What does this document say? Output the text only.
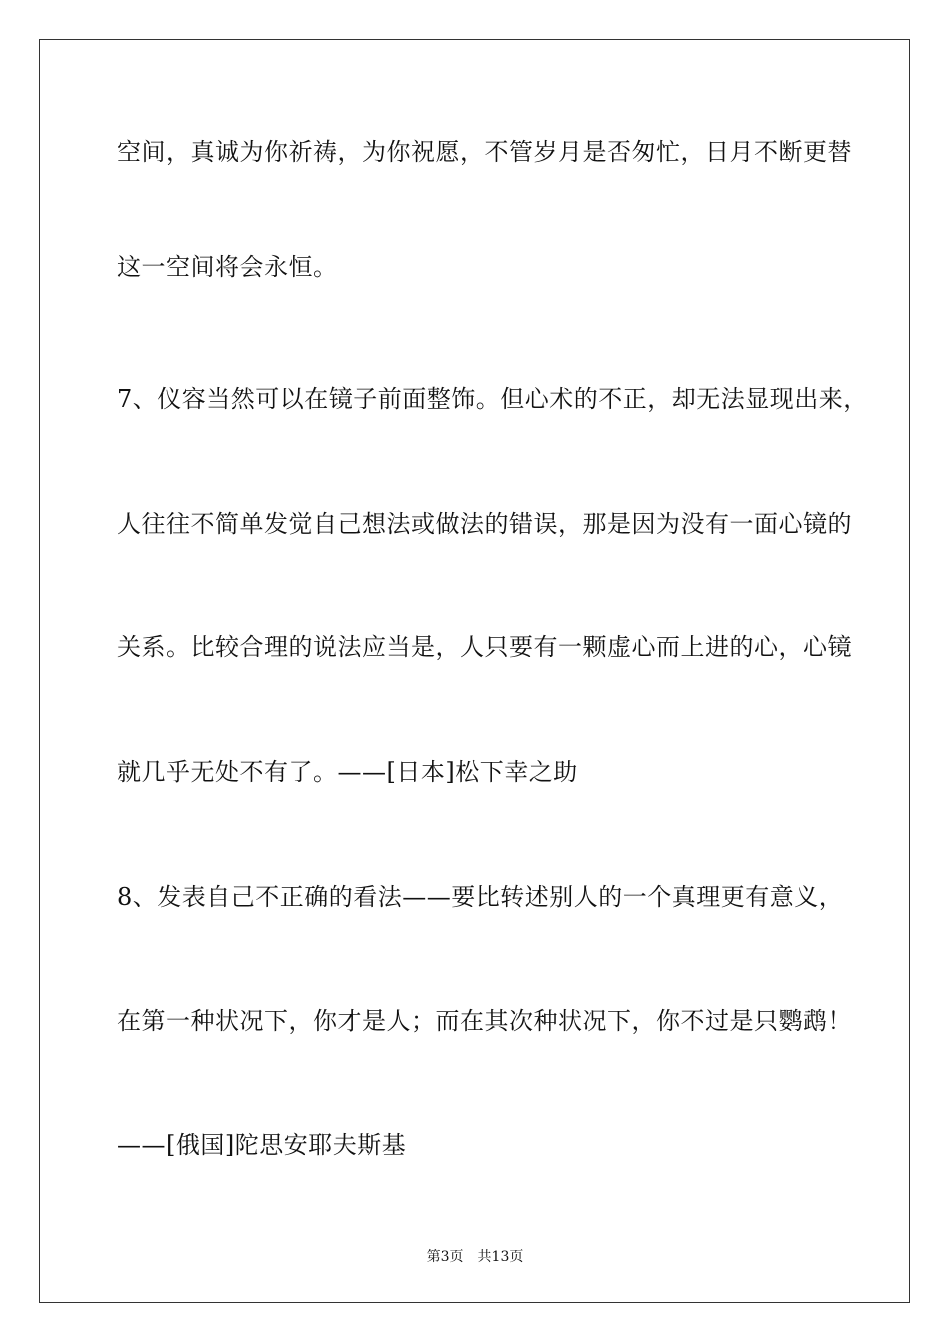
空间，真诚为你祈祷，为你祝愿，不管岁月是否匆忙，日月不断更替
这一空间将会永恒。
7、仪容当然可以在镜子前面整饰。但心术的不正，却无法显现出来，
人往往不简单发觉自己想法或做法的错误，那是因为没有一面心镜的
关系。比较合理的说法应当是，人只要有一颗虚心而上进的心，心镜
就几乎无处不有了。——[日本]松下幸之助
8、发表自己不正确的看法——要比转述别人的一个真理更有意义，
在第一种状况下，你才是人；而在其次种状况下，你不过是只鹦鹉！
——[俄国]陀思安耶夫斯基
第3页 共13页
